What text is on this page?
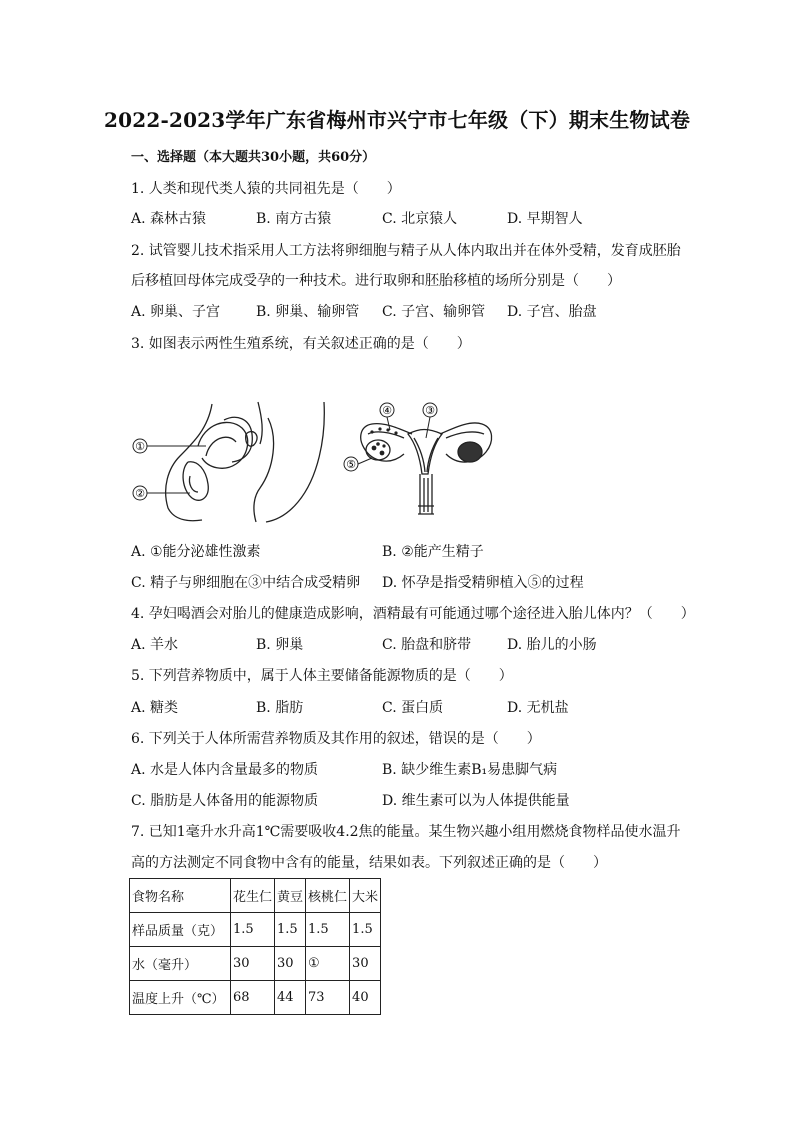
2022-2023学年广东省梅州市兴宁市七年级（下）期末生物试卷
一、选择题（本大题共30小题，共60分）
1. 人类和现代类人猿的共同祖先是（　　）
A. 森林古猿	B. 南方古猿	C. 北京猿人	D. 早期智人
2. 试管婴儿技术指采用人工方法将卵细胞与精子从人体内取出并在体外受精，发育成胚胎
后移植回母体完成受孕的一种技术。进行取卵和胚胎移植的场所分别是（　　）
A. 卵巢、子宫	B. 卵巢、输卵管 C. 子宫、输卵管 D. 子宫、胎盘
3. 如图表示两性生殖系统，有关叙述正确的是（　　）
①
②
④	③
⑤
A. ①能分泌雄性激素	B. ②能产生精子
C. 精子与卵细胞在③中结合成受精卵 D. 怀孕是指受精卵植入⑤的过程
4. 孕妇喝酒会对胎儿的健康造成影响，酒精最有可能通过哪个途径进入胎儿体内？（　　）
A. 羊水	B. 卵巢	C. 胎盘和脐带	D. 胎儿的小肠
5. 下列营养物质中，属于人体主要储备能源物质的是（　　）
A. 糖类	B. 脂肪	C. 蛋白质	D. 无机盐
6. 下列关于人体所需营养物质及其作用的叙述，错误的是（　　）
A. 水是人体内含量最多的物质	B. 缺少维生素B₁易患脚气病
C. 脂肪是人体备用的能源物质	D. 维生素可以为人体提供能量
7. 已知1毫升水升高1℃需要吸收4.2焦的能量。某生物兴趣小组用燃烧食物样品使水温升
高的方法测定不同食物中含有的能量，结果如表。下列叙述正确的是（　　）
食物名称	花生仁	黄豆	核桃仁	大米
样品质量（克）	1.5	1.5	1.5	1.5
水（毫升）	30	30	①	30
温度上升（℃）	68	44	73	40
